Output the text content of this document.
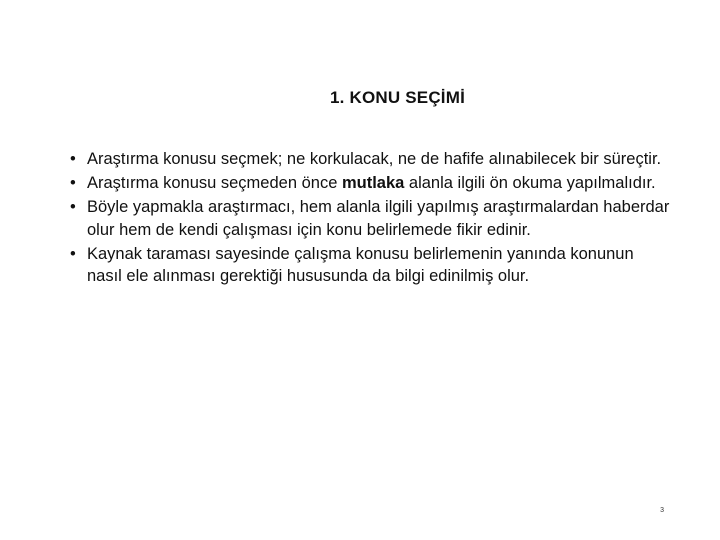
1. KONU SEÇİMİ
• Araştırma konusu seçmek; ne korkulacak, ne de hafife alınabilecek bir süreçtir.
• Araştırma konusu seçmeden önce mutlaka alanla ilgili ön okuma yapılmalıdır.
• Böyle yapmakla araştırmacı, hem alanla ilgili yapılmış araştırmalardan haberdar olur hem de kendi çalışması için konu belirlemede fikir edinir.
• Kaynak taraması sayesinde çalışma konusu belirlemenin yanında konunun nasıl ele alınması gerektiği hususunda da bilgi edinilmiş olur.
3
